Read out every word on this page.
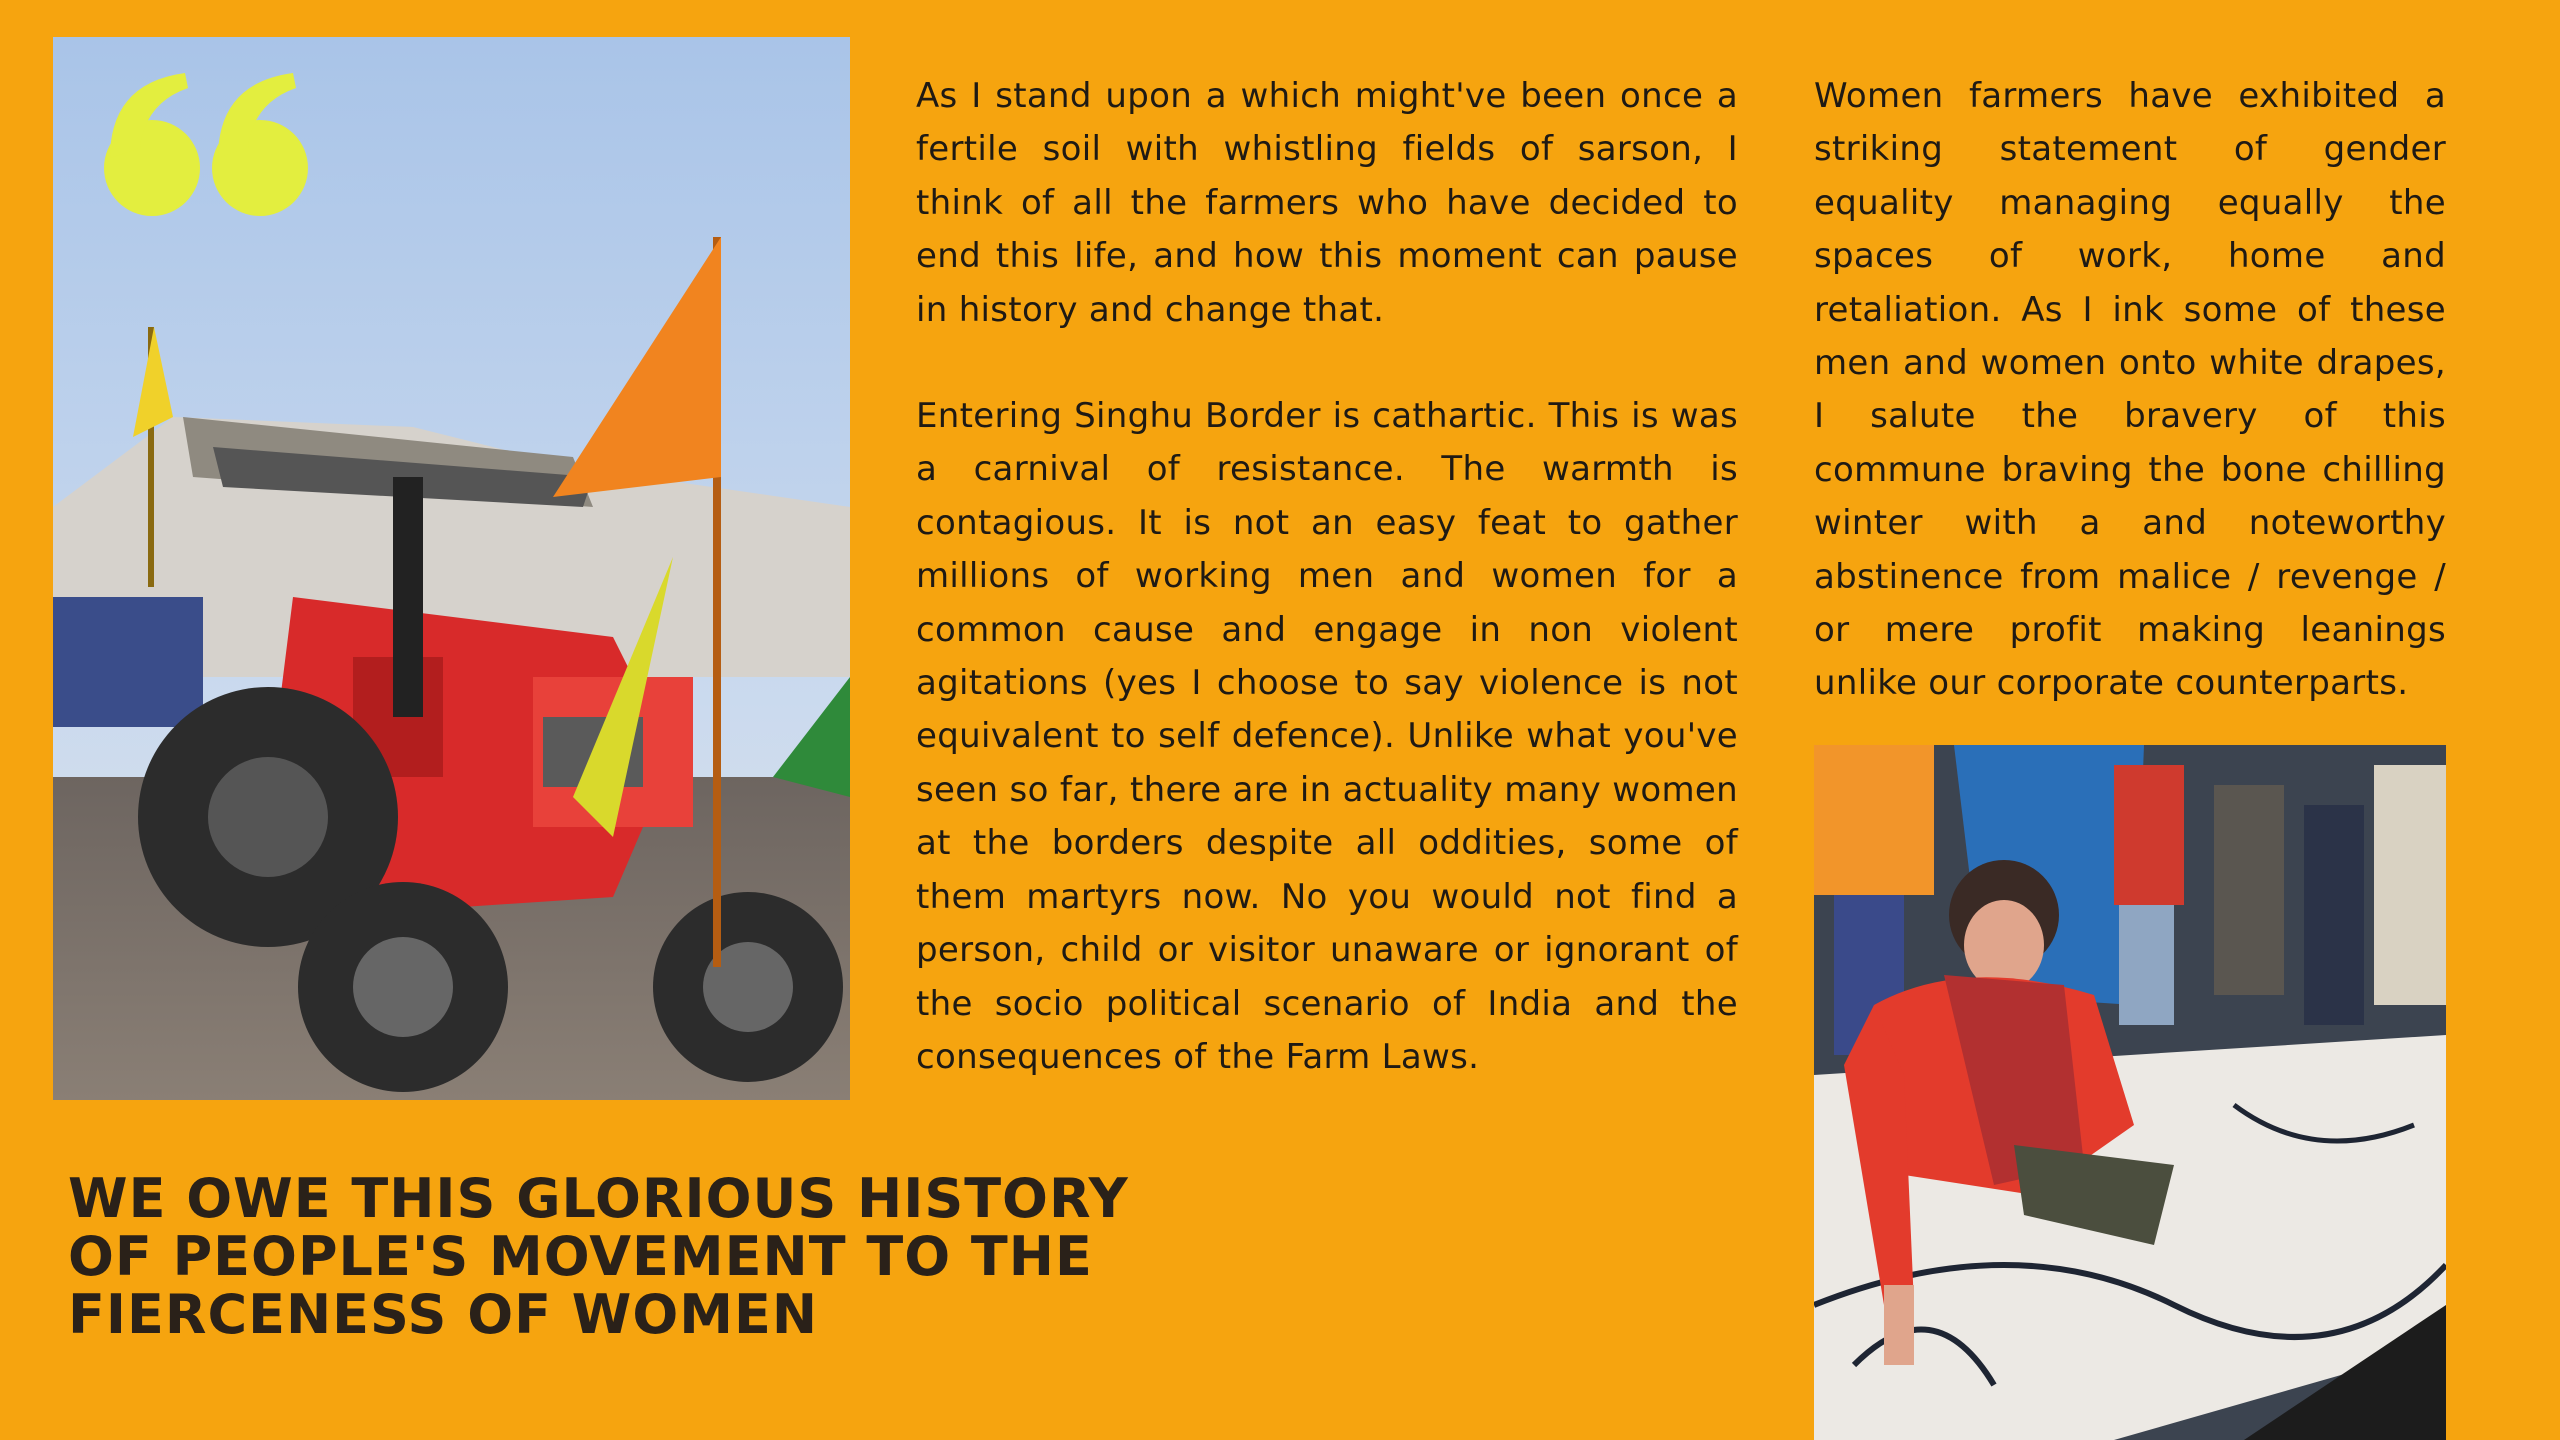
As I stand upon a which might've been once a fertile soil with whistling fields of sarson, I think of all the farmers who have decided to end this life, and how this moment can pause in history and change that.

Entering Singhu Border is cathartic. This is was a carnival of resistance. The warmth is contagious. It is not an easy feat to gather millions of working men and women for a common cause and engage in non violent agitations (yes I choose to say violence is not equivalent to self defence). Unlike what you've seen so far, there are in actuality many women at the borders despite all oddities, some of them martyrs now. No you would not find a person, child or visitor unaware or ignorant of the socio political scenario of India and the consequences of the Farm Laws.

Women farmers have exhibited a striking statement of gender equality managing equally the spaces of work, home and retaliation. As I ink some of these men and women onto white drapes, I salute the bravery of this commune braving the bone chilling winter with a and noteworthy abstinence from malice / revenge / or mere profit making leanings unlike our corporate counterparts.

WE OWE THIS GLORIOUS HISTORY
OF PEOPLE'S MOVEMENT TO THE
FIERCENESS OF WOMEN
